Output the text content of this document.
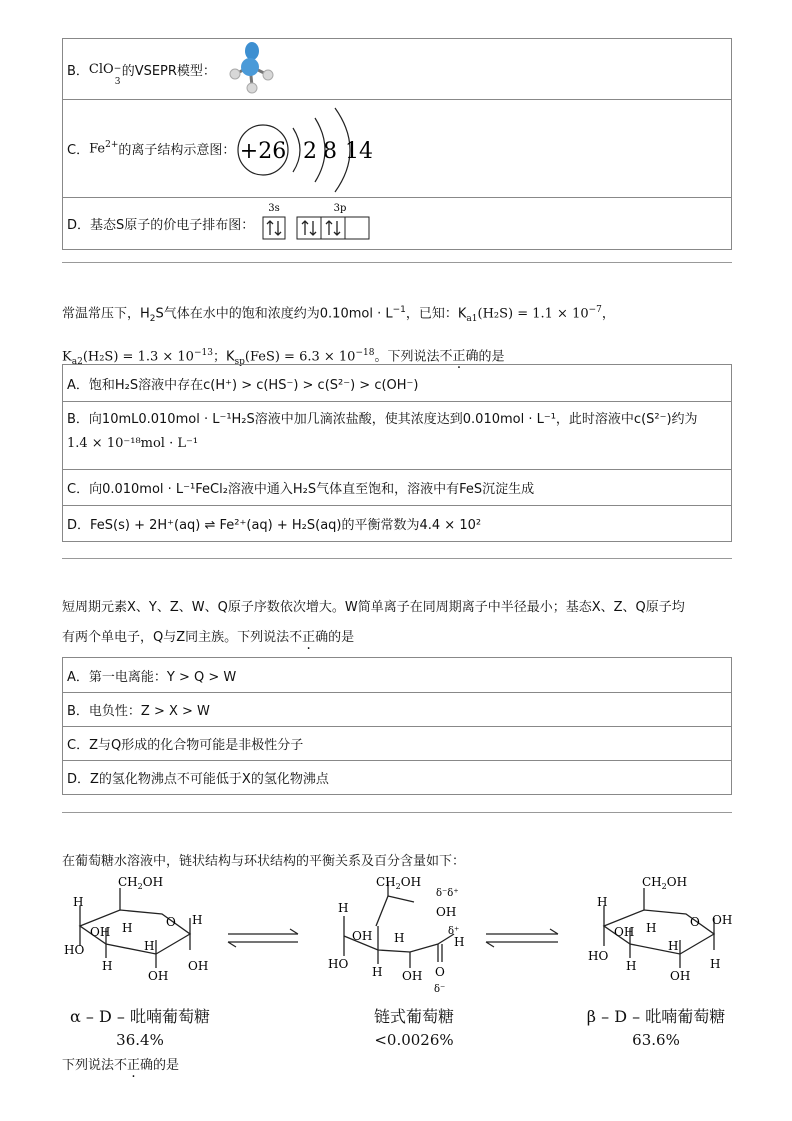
B． ClO −
3
的VSEPR模型：
C． $Fe^{2+}$ 的离子结构示意图： +26 2 8 14
D．基态S原子的价电子排布图：
3s	3p
常温常压下，$H_2S$气体在水中的饱和浓度约为$0.10mol \cdot L^{-1}$，已知：$K_{a1}(H_2S) = 1.1 \times 10^{-7}$，
$K_{a2}(H_2S) = 1.3 \times 10^{-13}$；$K_{sp}(FeS) = 6.3 \times 10^{-18}$。下列说法不正确的是
A．饱和H₂S溶液中存在c(H⁺) > c(HS⁻) > c(S²⁻) > c(OH⁻)
B．向10mL0.010mol · L⁻¹H₂S溶液中加几滴浓盐酸，使其浓度达到0.010mol · L⁻¹，此时溶液中c(S²⁻)约为
1.4 × 10⁻¹⁸mol · L⁻¹
C．向0.010mol · L⁻¹FeCl₂溶液中通入H₂S气体直至饱和，溶液中有FeS沉淀生成
D．FeS(s) + 2H⁺(aq) ⇌ Fe²⁺(aq) + H₂S(aq)的平衡常数为4.4 × 10²
短周期元素X、Y、Z、W、Q原子序数依次增大。W简单离子在同周期离子中半径最小；基态X、Z、Q原子均
有两个单电子，Q与Z同主族。下列说法不正确的是
A．第一电离能：Y > Q > W
B．电负性：Z > X > W
C．Z与Q形成的化合物可能是非极性分子
D．Z的氢化物沸点不可能低于X的氢化物沸点
在葡萄糖水溶液中，链状结构与环状结构的平衡关系及百分含量如下：
$CH_2OH$
H
HO
OH
H
H
H
OH
O H
OH
$CH_2OH$
δ⁻δ⁺
OH
H
OH
HO
H
H
OH
δ⁺
H
O
δ⁻
$CH_2OH$
H
HO
OH
H
H
H
OH
O OH
H
α – D – 吡喃葡萄糖
36.4%
链式葡萄糖
<0.0026%
β – D – 吡喃葡萄糖
63.6%
下列说法不正确的是
